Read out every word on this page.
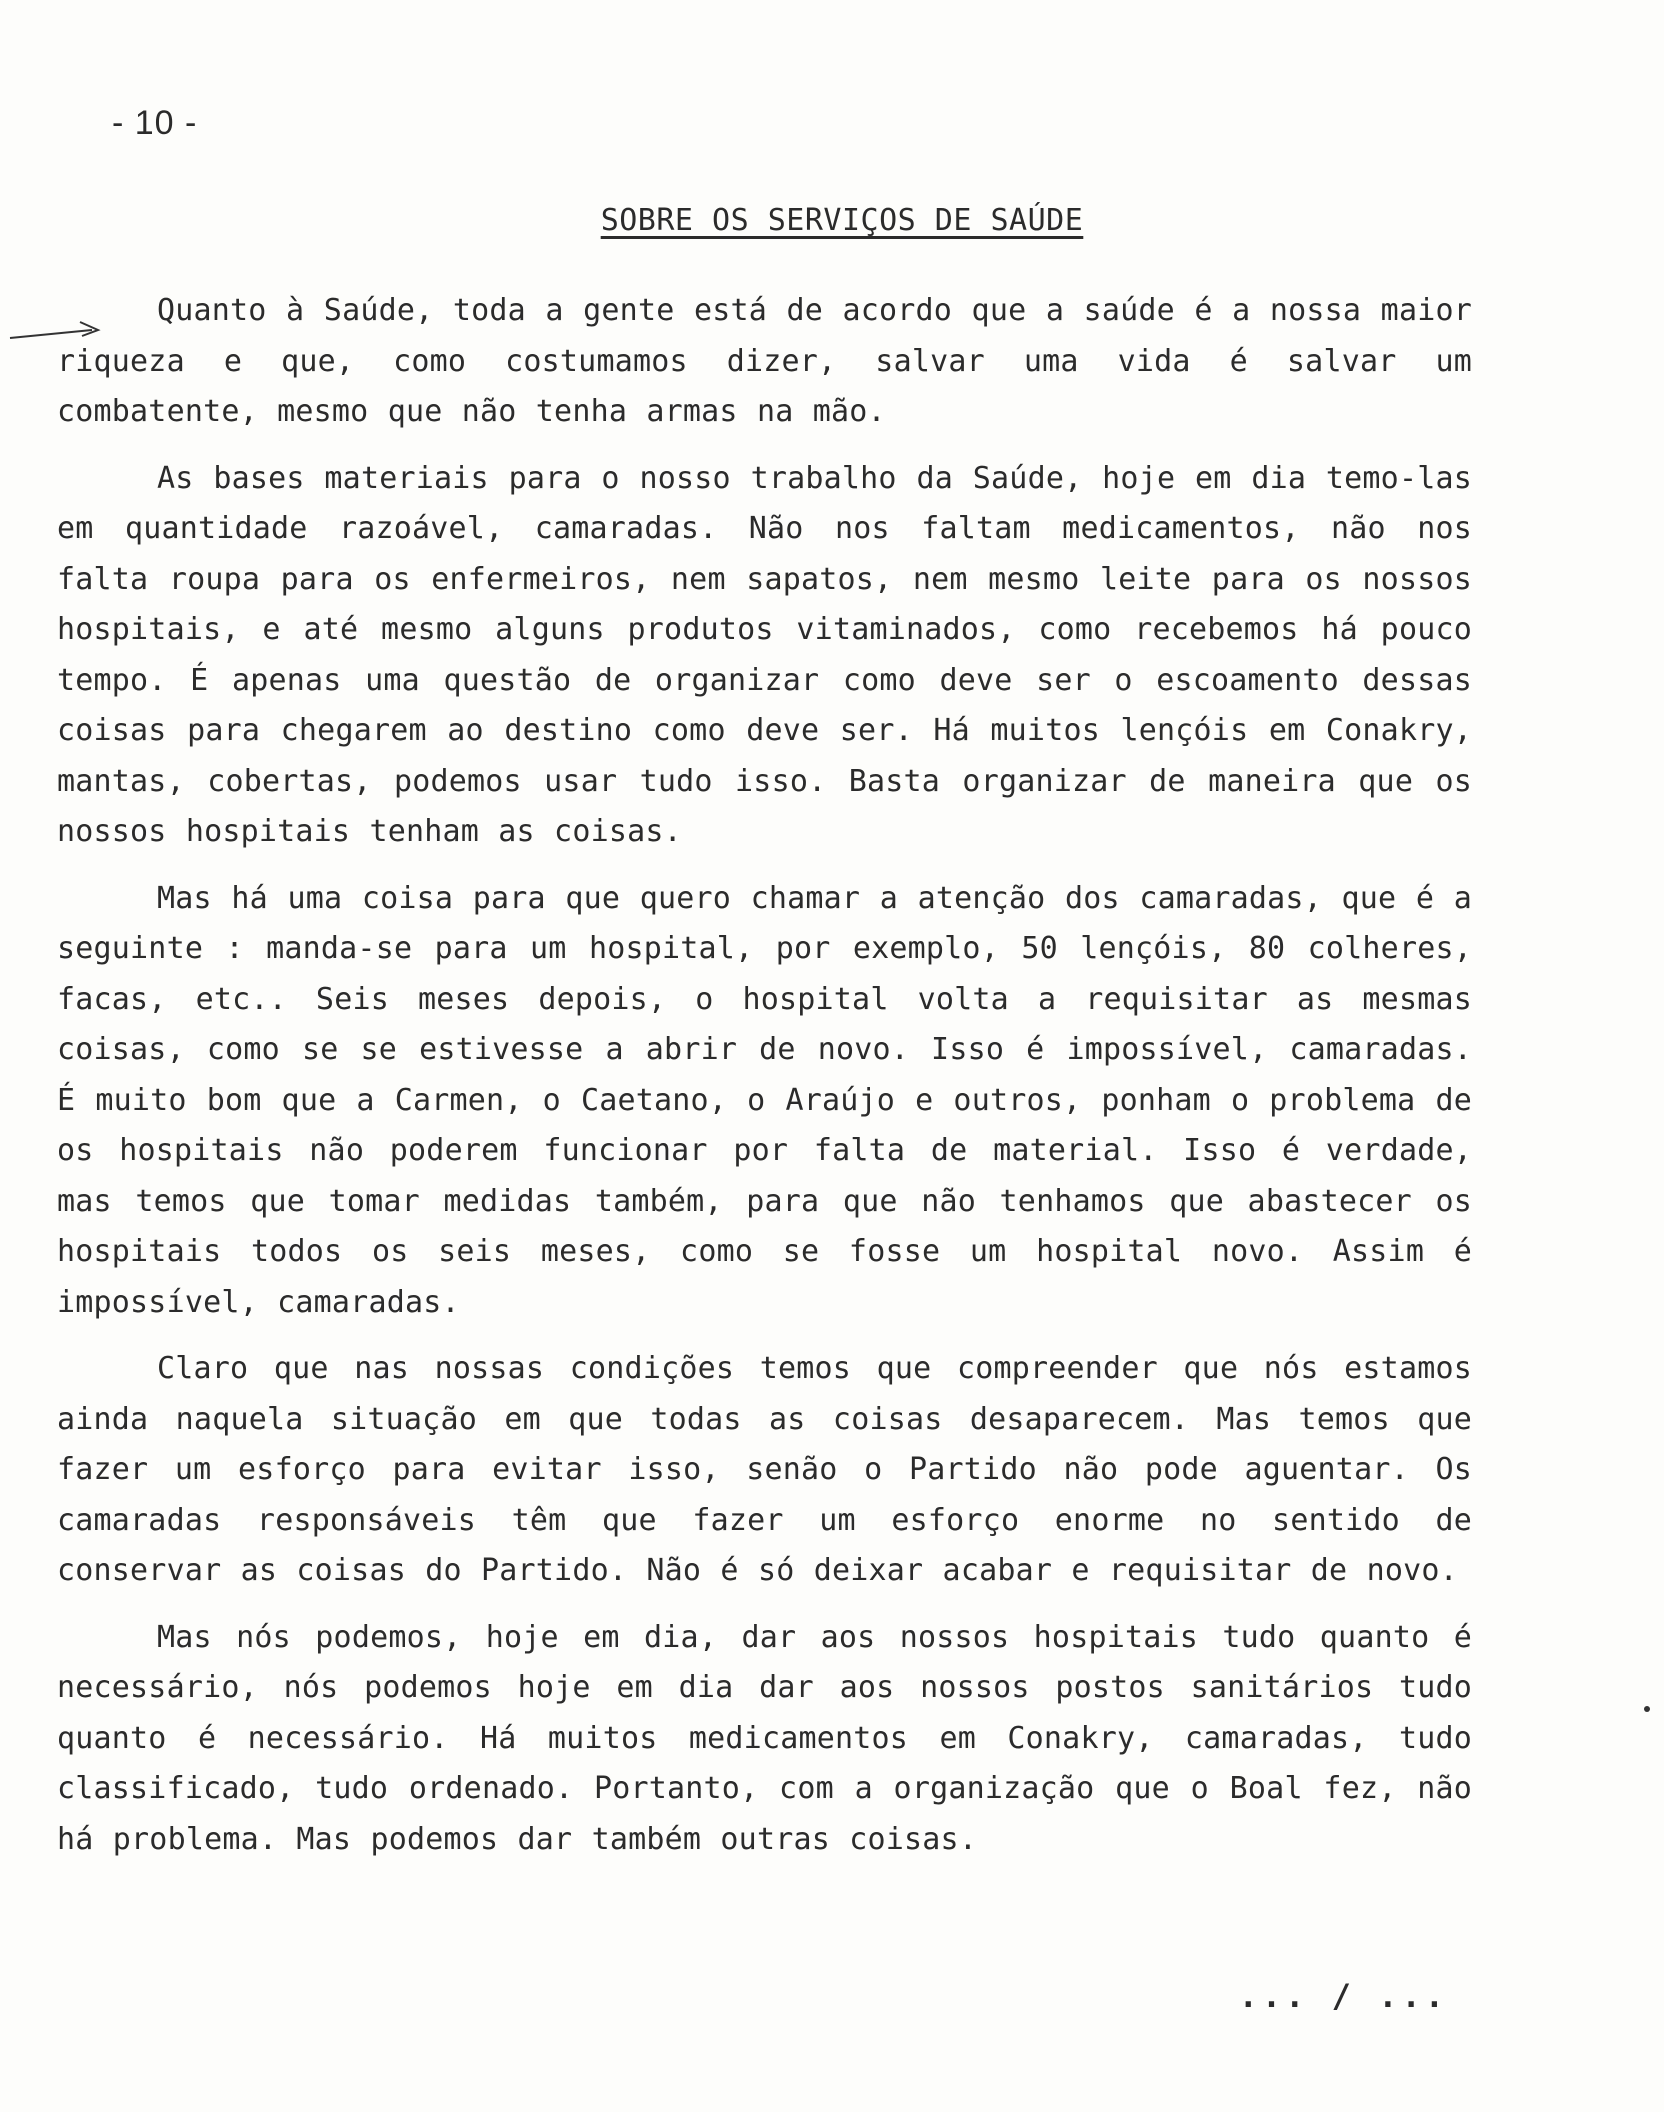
- 10 -
SOBRE OS SERVIÇOS DE SAÚDE

Quanto à Saúde, toda a gente está de acordo que a saúde é a nossa maior riqueza e que, como costumamos dizer, salvar uma vida é salvar um combatente, mesmo que não tenha armas na mão.

As bases materiais para o nosso trabalho da Saúde, hoje em dia temo-las em quantidade razoável, camaradas. Não nos faltam medicamentos, não nos falta roupa para os enfermeiros, nem sapatos, nem mesmo leite para os nossos hospitais, e até mesmo alguns produtos vitaminados, como recebemos há pouco tempo. É apenas uma questão de organizar como deve ser o escoamento dessas coisas para chegarem ao destino como deve ser. Há muitos lençóis em Conakry, mantas, cobertas, podemos usar tudo isso. Basta organizar de maneira que os nossos hospitais tenham as coisas.

Mas há uma coisa para que quero chamar a atenção dos camaradas, que é a seguinte : manda-se para um hospital, por exemplo, 50 lençóis, 80 colheres, facas, etc.. Seis meses depois, o hospital volta a requisitar as mesmas coisas, como se se estivesse a abrir de novo. Isso é impossível, camaradas. É muito bom que a Carmen, o Caetano, o Araújo e outros, ponham o problema de os hospitais não poderem funcionar por falta de material. Isso é verdade, mas temos que tomar medidas também, para que não tenhamos que abastecer os hospitais todos os seis meses, como se fosse um hospital novo. Assim é impossível, camaradas.

Claro que nas nossas condições temos que compreender que nós estamos ainda naquela situação em que todas as coisas desaparecem. Mas temos que fazer um esforço para evitar isso, senão o Partido não pode aguentar. Os camaradas responsáveis têm que fazer um esforço enorme no sentido de conservar as coisas do Partido. Não é só deixar acabar e requisitar de novo.

Mas nós podemos, hoje em dia, dar aos nossos hospitais tudo quanto é necessário, nós podemos hoje em dia dar aos nossos postos sanitários tudo quanto é necessário. Há muitos medicamentos em Conakry, camaradas, tudo classificado, tudo ordenado. Portanto, com a organização que o Boal fez, não há problema. Mas podemos dar também outras coisas.

... / ...
